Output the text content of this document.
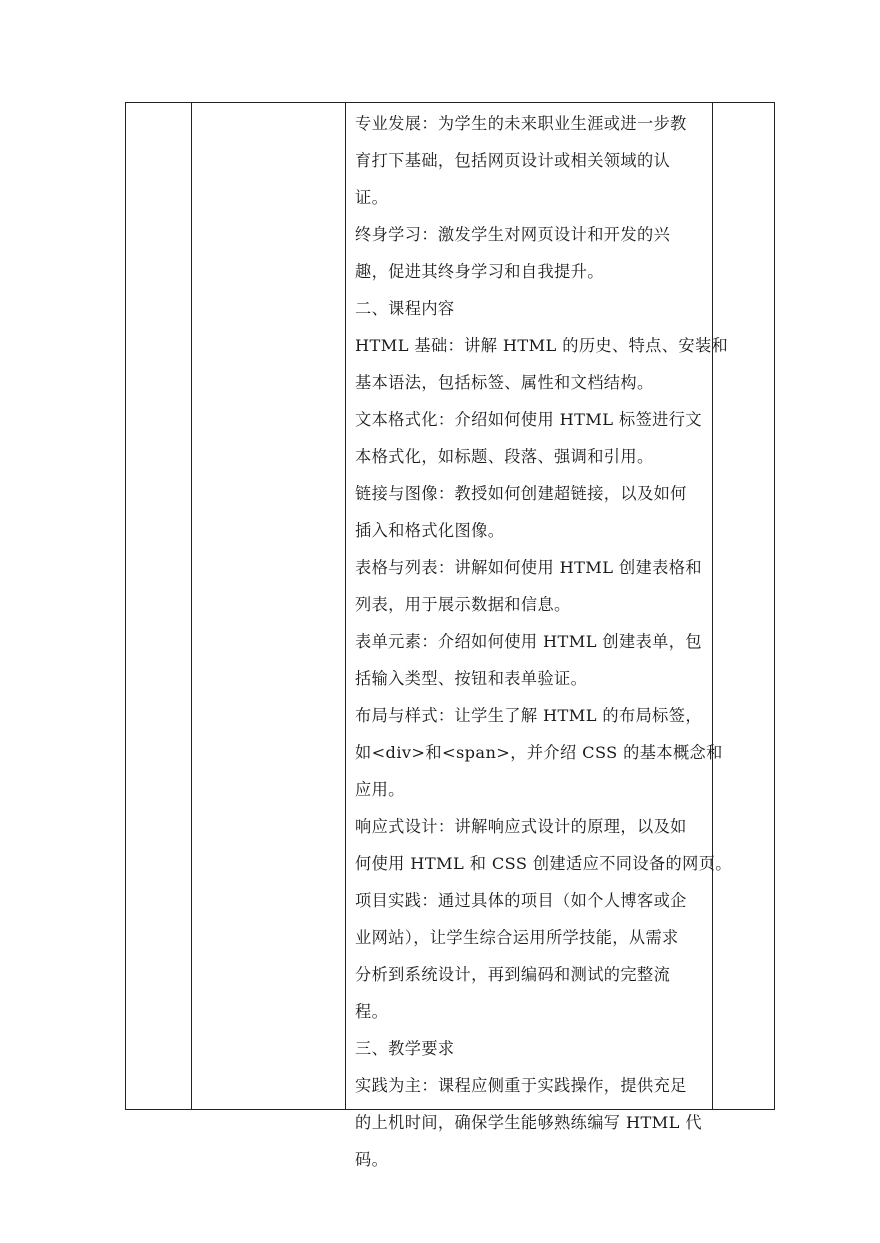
专业发展：为学生的未来职业生涯或进一步教
育打下基础，包括网页设计或相关领域的认
证。
终身学习：激发学生对网页设计和开发的兴
趣，促进其终身学习和自我提升。
二、课程内容
HTML 基础：讲解 HTML 的历史、特点、安装和
基本语法，包括标签、属性和文档结构。
文本格式化：介绍如何使用 HTML 标签进行文
本格式化，如标题、段落、强调和引用。
链接与图像：教授如何创建超链接，以及如何
插入和格式化图像。
表格与列表：讲解如何使用 HTML 创建表格和
列表，用于展示数据和信息。
表单元素：介绍如何使用 HTML 创建表单，包
括输入类型、按钮和表单验证。
布局与样式：让学生了解 HTML 的布局标签，
如<div>和<span>，并介绍 CSS 的基本概念和
应用。
响应式设计：讲解响应式设计的原理，以及如
何使用 HTML 和 CSS 创建适应不同设备的网页。
项目实践：通过具体的项目（如个人博客或企
业网站），让学生综合运用所学技能，从需求
分析到系统设计，再到编码和测试的完整流
程。
三、教学要求
实践为主：课程应侧重于实践操作，提供充足
的上机时间，确保学生能够熟练编写 HTML 代
码。
